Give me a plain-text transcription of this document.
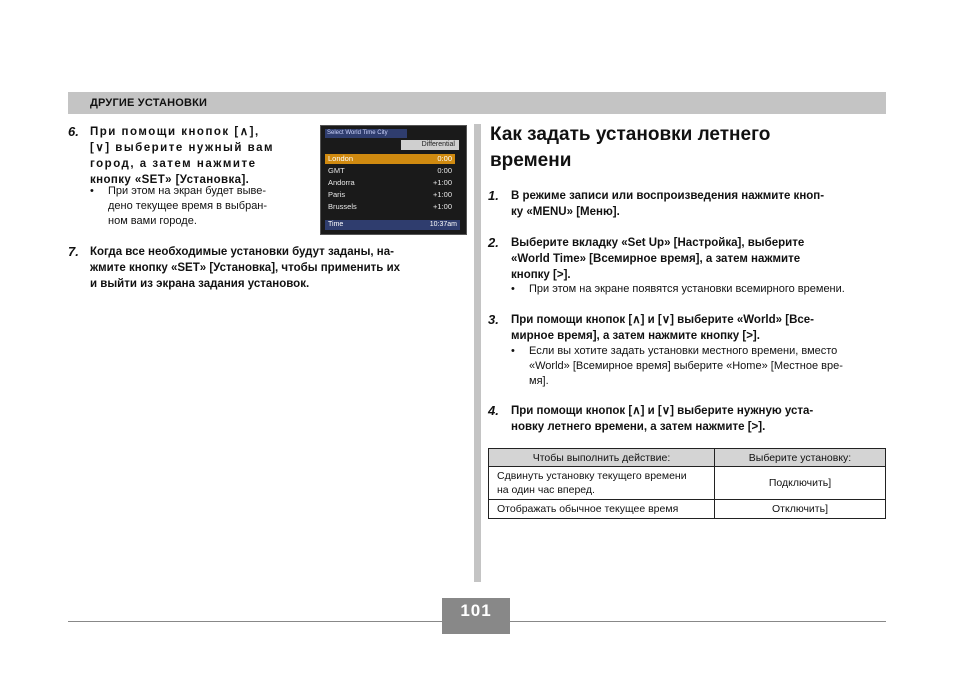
ДРУГИЕ УСТАНОВКИ
6. При помощи кнопок [∧],
[∨] выберите нужный вам
город, а затем нажмите
кнопку «SET» [Установка].
• При этом на экран будет выве-
дено текущее время в выбран-
ном вами городе.
Select World Time City
Differential
London	0:00
GMT	0:00
Andorra	+1:00
Paris	+1:00
Brussels	+1:00
Time	10:37am
7. Когда все необходимые установки будут заданы, на-
жмите кнопку «SET» [Установка], чтобы применить их
и выйти из экрана задания установок.
Как задать установки летнего
времени
1. В режиме записи или воспроизведения нажмите кноп-
ку «MENU» [Меню].
2. Выберите вкладку «Set Up» [Настройка], выберите
«World Time» [Всемирное время], а затем нажмите
кнопку [>].
• При этом на экране появятся установки всемирного времени.
3. При помощи кнопок [∧] и [∨] выберите «World» [Все-
мирное время], а затем нажмите кнопку [>].
• Если вы хотите задать установки местного времени, вместо
«World» [Всемирное время] выберите «Home» [Местное вре-
мя].
4. При помощи кнопок [∧] и [∨] выберите нужную уста-
новку летнего времени, а затем нажмите [>].
Чтобы выполнить действие:	Выберите установку:

Сдвинуть установку текущего времени
на один час вперед.	Подключить]

Отображать обычное текущее время	Отключить]
101
